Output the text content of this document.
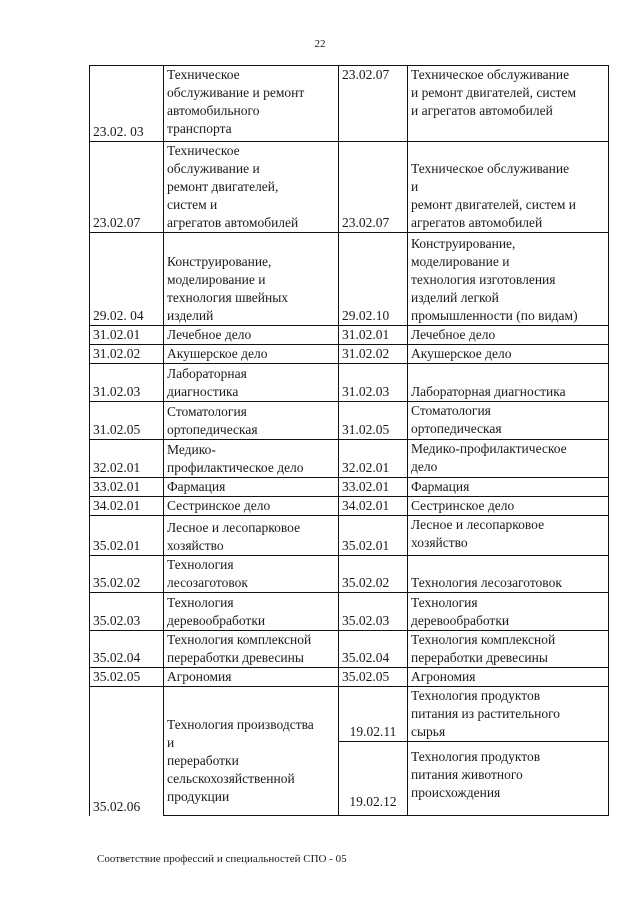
22
23.02. 03	Техническое
обслуживание и ремонт
автомобильного
транспорта	23.02.07	Техническое обслуживание
и ремонт двигателей, систем
и агрегатов автомобилей
23.02.07	Техническое
обслуживание и
ремонт двигателей,
систем и
агрегатов автомобилей	23.02.07	Техническое обслуживание
и
ремонт двигателей, систем и
агрегатов автомобилей
29.02. 04	Конструирование,
моделирование и
технология швейных
изделий	29.02.10	Конструирование,
моделирование и
технология изготовления
изделий легкой
промышленности (по видам)
31.02.01	Лечебное дело	31.02.01	Лечебное дело
31.02.02	Акушерское дело	31.02.02	Акушерское дело
31.02.03	Лабораторная
диагностика	31.02.03	Лабораторная диагностика
31.02.05	Стоматология
ортопедическая	31.02.05	Стоматология
ортопедическая
32.02.01	Медико-
профилактическое дело	32.02.01	Медико-профилактическое
дело
33.02.01	Фармация	33.02.01	Фармация
34.02.01	Сестринское дело	34.02.01	Сестринское дело
35.02.01	Лесное и лесопарковое
хозяйство	35.02.01	Лесное и лесопарковое
хозяйство
35.02.02	Технология
лесозаготовок	35.02.02	Технология лесозаготовок
35.02.03	Технология
деревообработки	35.02.03	Технология
деревообработки
35.02.04	Технология комплексной
переработки древесины	35.02.04	Технология комплексной
переработки древесины
35.02.05	Агрономия	35.02.05	Агрономия
35.02.06	Технология производства
и
переработки
сельскохозяйственной
продукции	19.02.11	Технология продуктов
питания из растительного
сырья
		19.02.12	Технология продуктов
питания животного
происхождения
Соответствие профессий и специальностей СПО - 05
